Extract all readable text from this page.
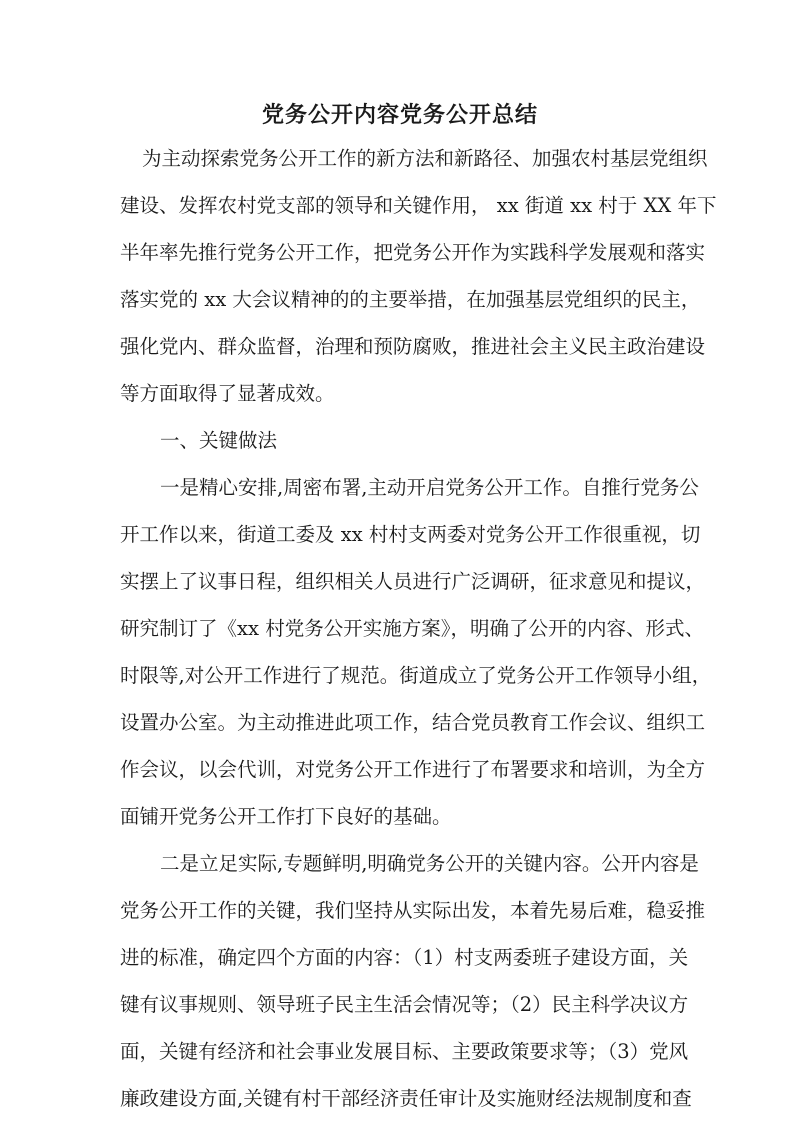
党务公开内容党务公开总结

为主动探索党务公开工作的新方法和新路径、加强农村基层党组织

建设、发挥农村党支部的领导和关键作用， xx 街道 xx 村于 XX 年下

半年率先推行党务公开工作，把党务公开作为实践科学发展观和落实

落实党的 xx 大会议精神的的主要举措，在加强基层党组织的民主，

强化党内、群众监督，治理和预防腐败，推进社会主义民主政治建设

等方面取得了显著成效。

一、关键做法

一是精心安排,周密布署,主动开启党务公开工作。自推行党务公

开工作以来，街道工委及 xx 村村支两委对党务公开工作很重视，切

实摆上了议事日程，组织相关人员进行广泛调研，征求意见和提议，

研究制订了《xx 村党务公开实施方案》，明确了公开的内容、形式、

时限等,对公开工作进行了规范。街道成立了党务公开工作领导小组，

设置办公室。为主动推进此项工作，结合党员教育工作会议、组织工

作会议，以会代训，对党务公开工作进行了布署要求和培训，为全方

面铺开党务公开工作打下良好的基础。

二是立足实际,专题鲜明,明确党务公开的关键内容。公开内容是

党务公开工作的关键，我们坚持从实际出发，本着先易后难，稳妥推

进的标准，确定四个方面的内容：（1）村支两委班子建设方面，关

键有议事规则、领导班子民主生活会情况等；（2）民主科学决议方

面，关键有经济和社会事业发展目标、主要政策要求等；（3）党风

廉政建设方面,关键有村干部经济责任审计及实施财经法规制度和查
